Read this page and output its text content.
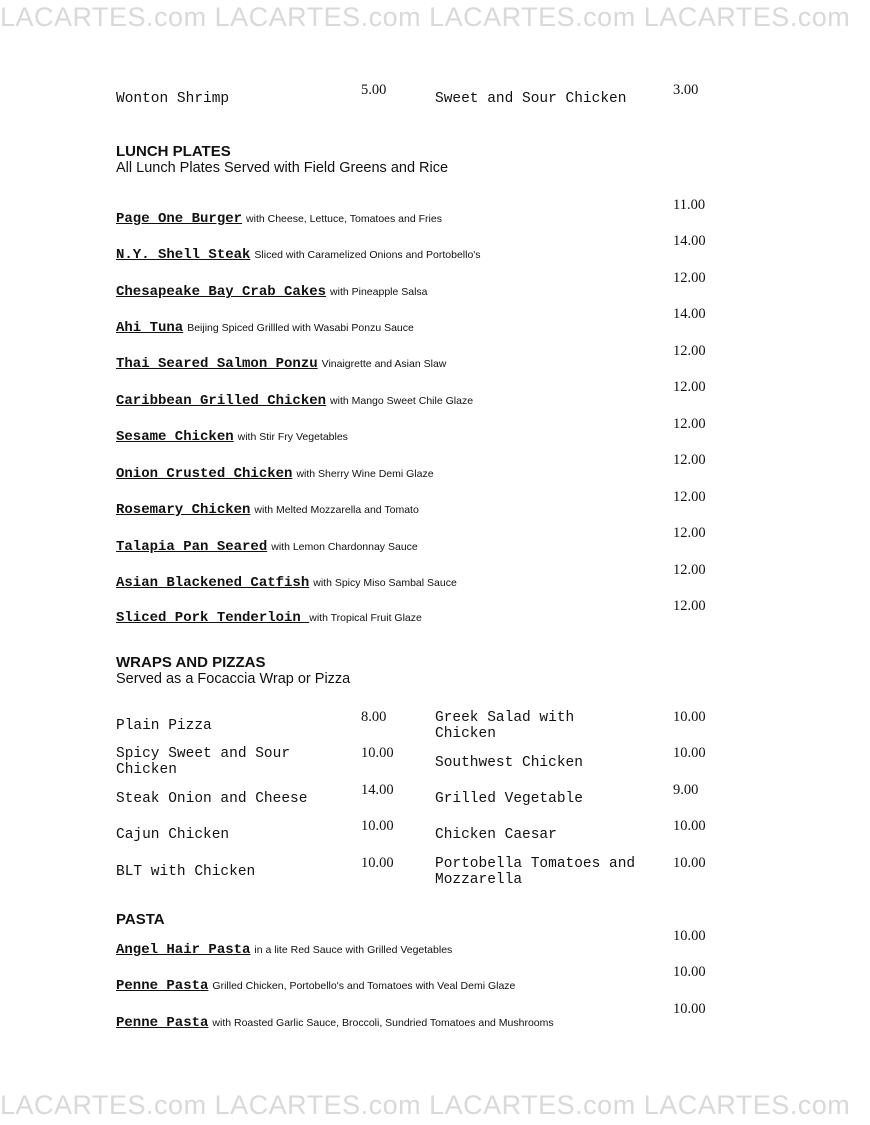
LACARTES.com LACARTES.com LACARTES.com LACARTES.com
Wonton Shrimp
5.00
Sweet and Sour Chicken
3.00
LUNCH PLATES
All Lunch Plates Served with Field Greens and Rice
Page One Burger with Cheese, Lettuce, Tomatoes and Fries
11.00
N.Y. Shell Steak Sliced with Caramelized Onions and Portobello's
14.00
Chesapeake Bay Crab Cakes with Pineapple Salsa
12.00
Ahi Tuna Beijing Spiced Grillled with Wasabi Ponzu Sauce
14.00
Thai Seared Salmon Ponzu Vinaigrette and Asian Slaw
12.00
Caribbean Grilled Chicken with Mango Sweet Chile Glaze
12.00
Sesame Chicken with Stir Fry Vegetables
12.00
Onion Crusted Chicken with Sherry Wine Demi Glaze
12.00
Rosemary Chicken with Melted Mozzarella and Tomato
12.00
Talapia Pan Seared with Lemon Chardonnay Sauce
12.00
Asian Blackened Catfish with Spicy Miso Sambal Sauce
12.00
Sliced Pork Tenderloin with Tropical Fruit Glaze
12.00
WRAPS AND PIZZAS
Served as a Focaccia Wrap or Pizza
Plain Pizza
8.00
Spicy Sweet and Sour Chicken
10.00
Steak Onion and Cheese
14.00
Cajun Chicken
10.00
BLT with Chicken
10.00
Greek Salad with Chicken
10.00
Southwest Chicken
10.00
Grilled Vegetable
9.00
Chicken Caesar
10.00
Portobella Tomatoes and Mozzarella
10.00
PASTA
Angel Hair Pasta in a lite Red Sauce with Grilled Vegetables
10.00
Penne Pasta Grilled Chicken, Portobello's and Tomatoes with Veal Demi Glaze
10.00
Penne Pasta with Roasted Garlic Sauce, Broccoli, Sundried Tomatoes and Mushrooms
10.00
LACARTES.com LACARTES.com LACARTES.com LACARTES.com
